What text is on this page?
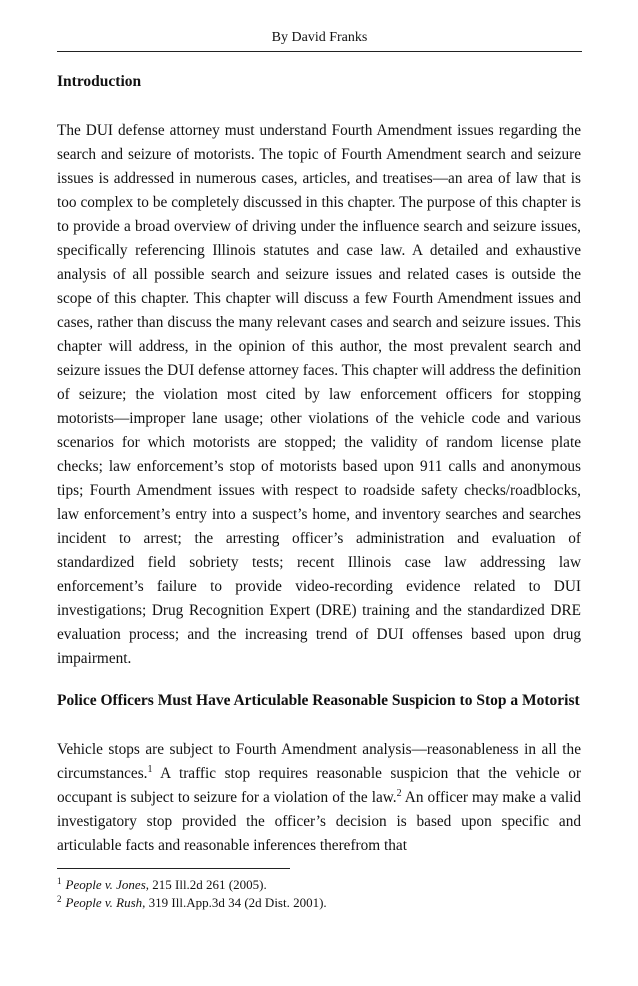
By David Franks
Introduction

The DUI defense attorney must understand Fourth Amendment issues regarding the search and seizure of motorists. The topic of Fourth Amendment search and seizure issues is addressed in numerous cases, articles, and treatises—an area of law that is too complex to be completely discussed in this chapter. The purpose of this chapter is to provide a broad overview of driving under the influence search and seizure issues, specifically referencing Illinois statutes and case law. A detailed and exhaustive analysis of all possible search and seizure issues and related cases is outside the scope of this chapter. This chapter will discuss a few Fourth Amendment issues and cases, rather than discuss the many relevant cases and search and seizure issues. This chapter will address, in the opinion of this author, the most prevalent search and seizure issues the DUI defense attorney faces. This chapter will address the definition of seizure; the violation most cited by law enforcement officers for stopping motorists—improper lane usage; other violations of the vehicle code and various scenarios for which motorists are stopped; the validity of random license plate checks; law enforcement’s stop of motorists based upon 911 calls and anonymous tips; Fourth Amendment issues with respect to roadside safety checks/roadblocks, law enforcement’s entry into a suspect’s home, and inventory searches and searches incident to arrest; the arresting officer’s administration and evaluation of standardized field sobriety tests; recent Illinois case law addressing law enforcement’s failure to provide video-recording evidence related to DUI investigations; Drug Recognition Expert (DRE) training and the standardized DRE evaluation process; and the increasing trend of DUI offenses based upon drug impairment.

Police Officers Must Have Articulable Reasonable Suspicion to Stop a Motorist

Vehicle stops are subject to Fourth Amendment analysis—reasonableness in all the circumstances.$^1$ A traffic stop requires reasonable suspicion that the vehicle or occupant is subject to seizure for a violation of the law.$^2$ An officer may make a valid investigatory stop provided the officer’s decision is based upon specific and articulable facts and reasonable inferences therefrom that

$^1$ People v. Jones, 215 Ill.2d 261 (2005).
$^2$ People v. Rush, 319 Ill.App.3d 34 (2d Dist. 2001).
